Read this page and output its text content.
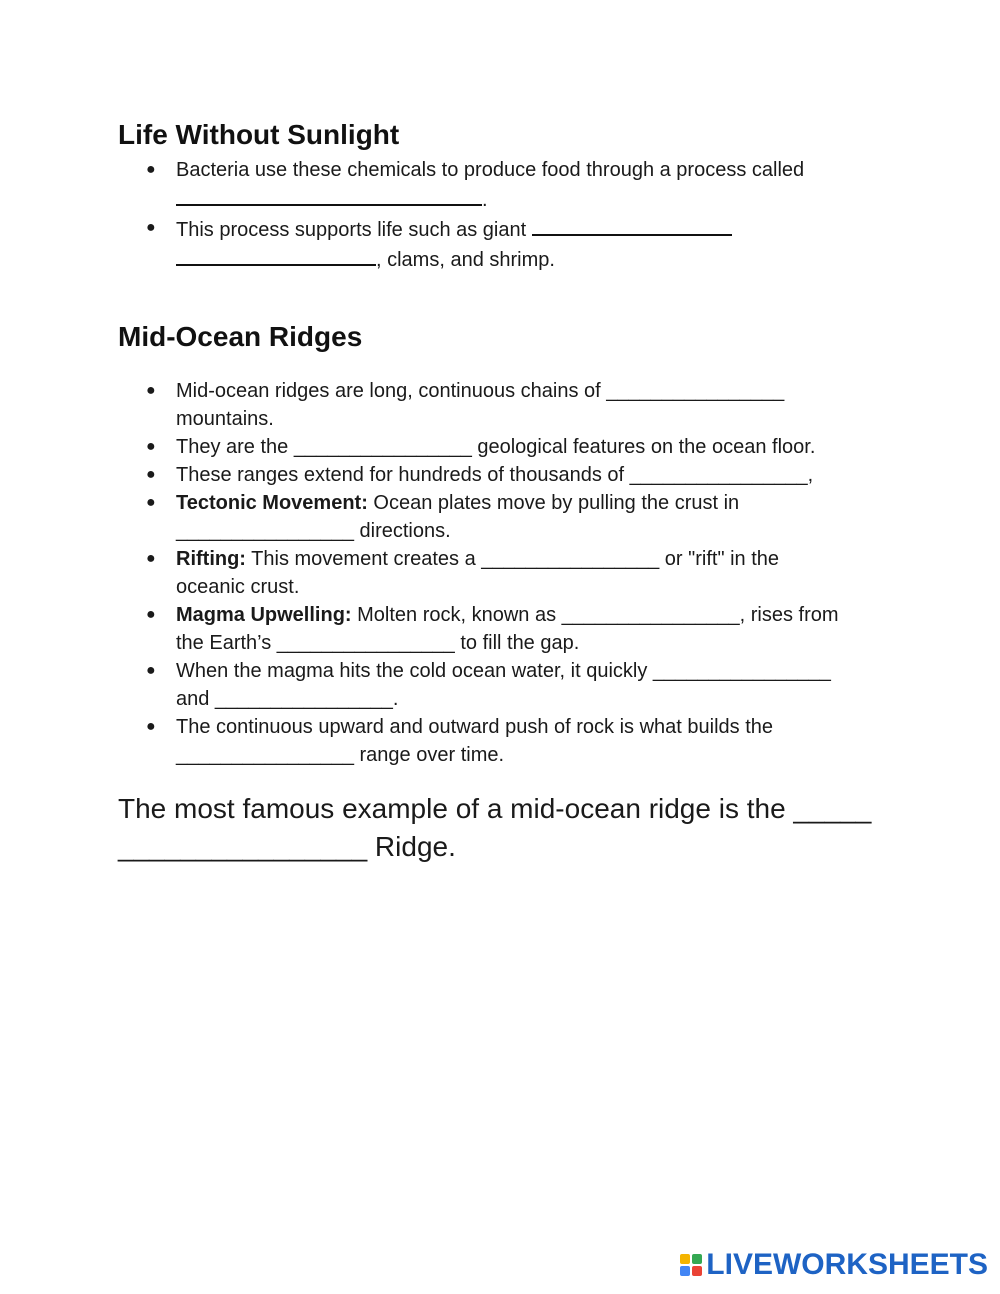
Life Without Sunlight
● Bacteria use these chemicals to produce food through a process called
.
● This process supports life such as giant
, clams, and shrimp.
Mid-Ocean Ridges
● Mid-ocean ridges are long, continuous chains of ________________
mountains.
● They are the ________________ geological features on the ocean floor.
● These ranges extend for hundreds of thousands of ________________,
● Tectonic Movement: Ocean plates move by pulling the crust in
________________ directions.
● Rifting: This movement creates a ________________ or "rift" in the
oceanic crust.
● Magma Upwelling: Molten rock, known as ________________, rises from
the Earth’s ________________ to fill the gap.
● When the magma hits the cold ocean water, it quickly ________________
and ________________.
● The continuous upward and outward push of rock is what builds the
________________ range over time.
The most famous example of a mid-ocean ridge is the _____
________________ Ridge.
LIVEWORKSHEETS
